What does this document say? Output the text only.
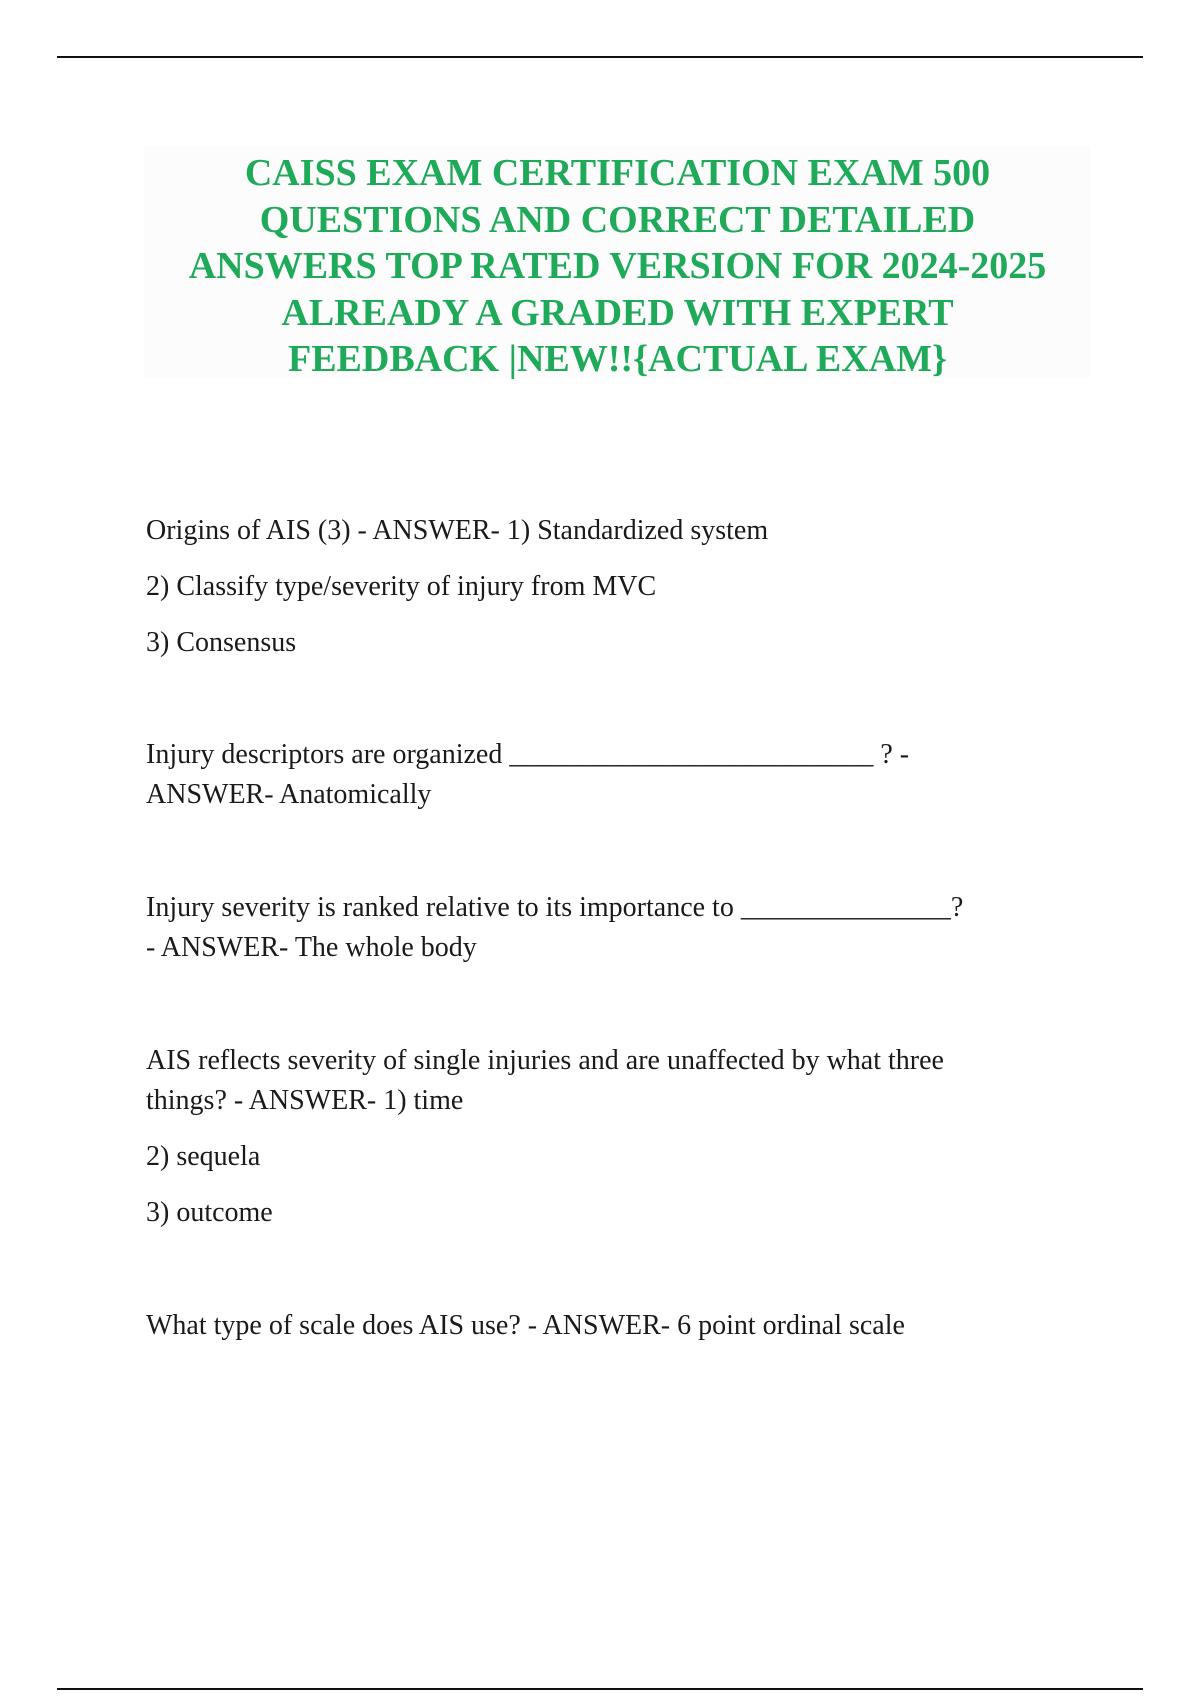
CAISS EXAM CERTIFICATION EXAM 500
QUESTIONS AND CORRECT DETAILED
ANSWERS TOP RATED VERSION FOR 2024-2025
ALREADY A GRADED WITH EXPERT
FEEDBACK |NEW!!{ACTUAL EXAM}

Origins of AIS (3) - ANSWER- 1) Standardized system

2) Classify type/severity of injury from MVC

3) Consensus

Injury descriptors are organized __________________________ ? -

ANSWER- Anatomically

Injury severity is ranked relative to its importance to _______________?

- ANSWER- The whole body

AIS reflects severity of single injuries and are unaffected by what three

things? - ANSWER- 1) time

2) sequela

3) outcome

What type of scale does AIS use? - ANSWER- 6 point ordinal scale
